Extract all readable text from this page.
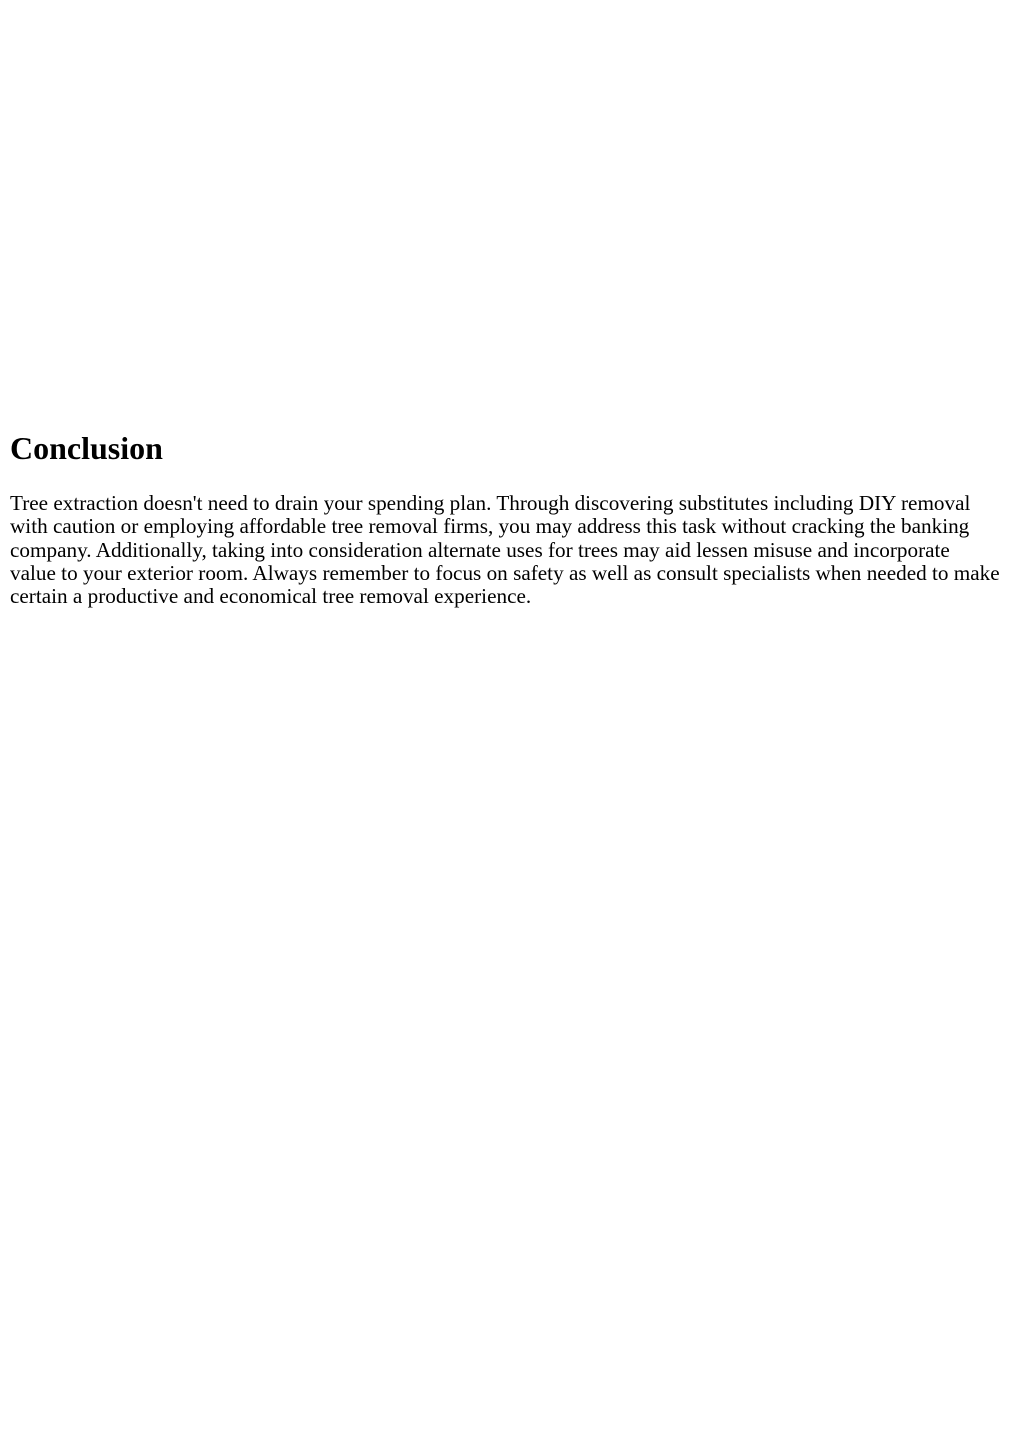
Conclusion

Tree extraction doesn't need to drain your spending plan. Through discovering substitutes including DIY removal with caution or employing affordable tree removal firms, you may address this task without cracking the banking company. Additionally, taking into consideration alternate uses for trees may aid lessen misuse and incorporate value to your exterior room. Always remember to focus on safety as well as consult specialists when needed to make certain a productive and economical tree removal experience.
